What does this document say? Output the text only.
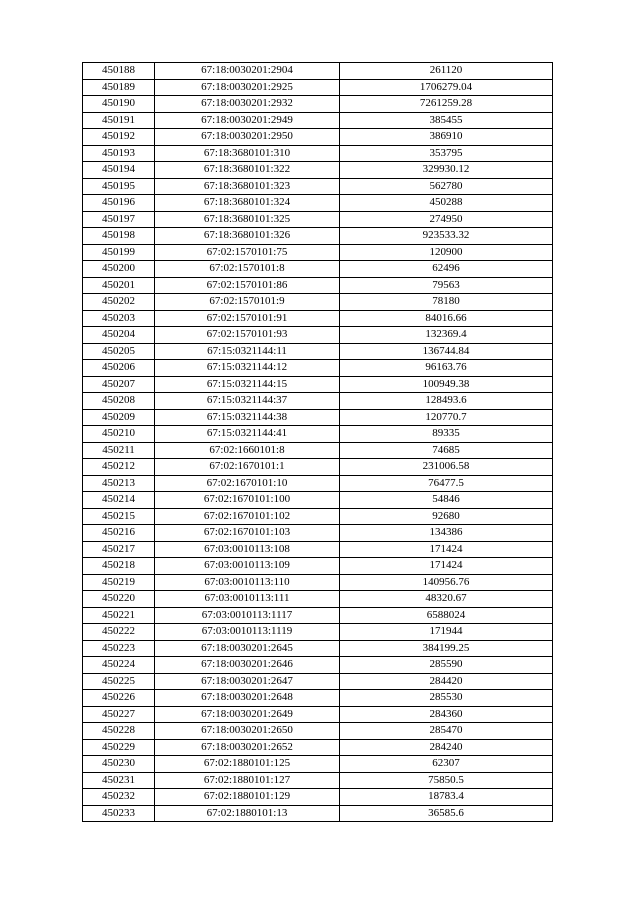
450188	67:18:0030201:2904	261120
450189	67:18:0030201:2925	1706279.04
450190	67:18:0030201:2932	7261259.28
450191	67:18:0030201:2949	385455
450192	67:18:0030201:2950	386910
450193	67:18:3680101:310	353795
450194	67:18:3680101:322	329930.12
450195	67:18:3680101:323	562780
450196	67:18:3680101:324	450288
450197	67:18:3680101:325	274950
450198	67:18:3680101:326	923533.32
450199	67:02:1570101:75	120900
450200	67:02:1570101:8	62496
450201	67:02:1570101:86	79563
450202	67:02:1570101:9	78180
450203	67:02:1570101:91	84016.66
450204	67:02:1570101:93	132369.4
450205	67:15:0321144:11	136744.84
450206	67:15:0321144:12	96163.76
450207	67:15:0321144:15	100949.38
450208	67:15:0321144:37	128493.6
450209	67:15:0321144:38	120770.7
450210	67:15:0321144:41	89335
450211	67:02:1660101:8	74685
450212	67:02:1670101:1	231006.58
450213	67:02:1670101:10	76477.5
450214	67:02:1670101:100	54846
450215	67:02:1670101:102	92680
450216	67:02:1670101:103	134386
450217	67:03:0010113:108	171424
450218	67:03:0010113:109	171424
450219	67:03:0010113:110	140956.76
450220	67:03:0010113:111	48320.67
450221	67:03:0010113:1117	6588024
450222	67:03:0010113:1119	171944
450223	67:18:0030201:2645	384199.25
450224	67:18:0030201:2646	285590
450225	67:18:0030201:2647	284420
450226	67:18:0030201:2648	285530
450227	67:18:0030201:2649	284360
450228	67:18:0030201:2650	285470
450229	67:18:0030201:2652	284240
450230	67:02:1880101:125	62307
450231	67:02:1880101:127	75850.5
450232	67:02:1880101:129	18783.4
450233	67:02:1880101:13	36585.6
